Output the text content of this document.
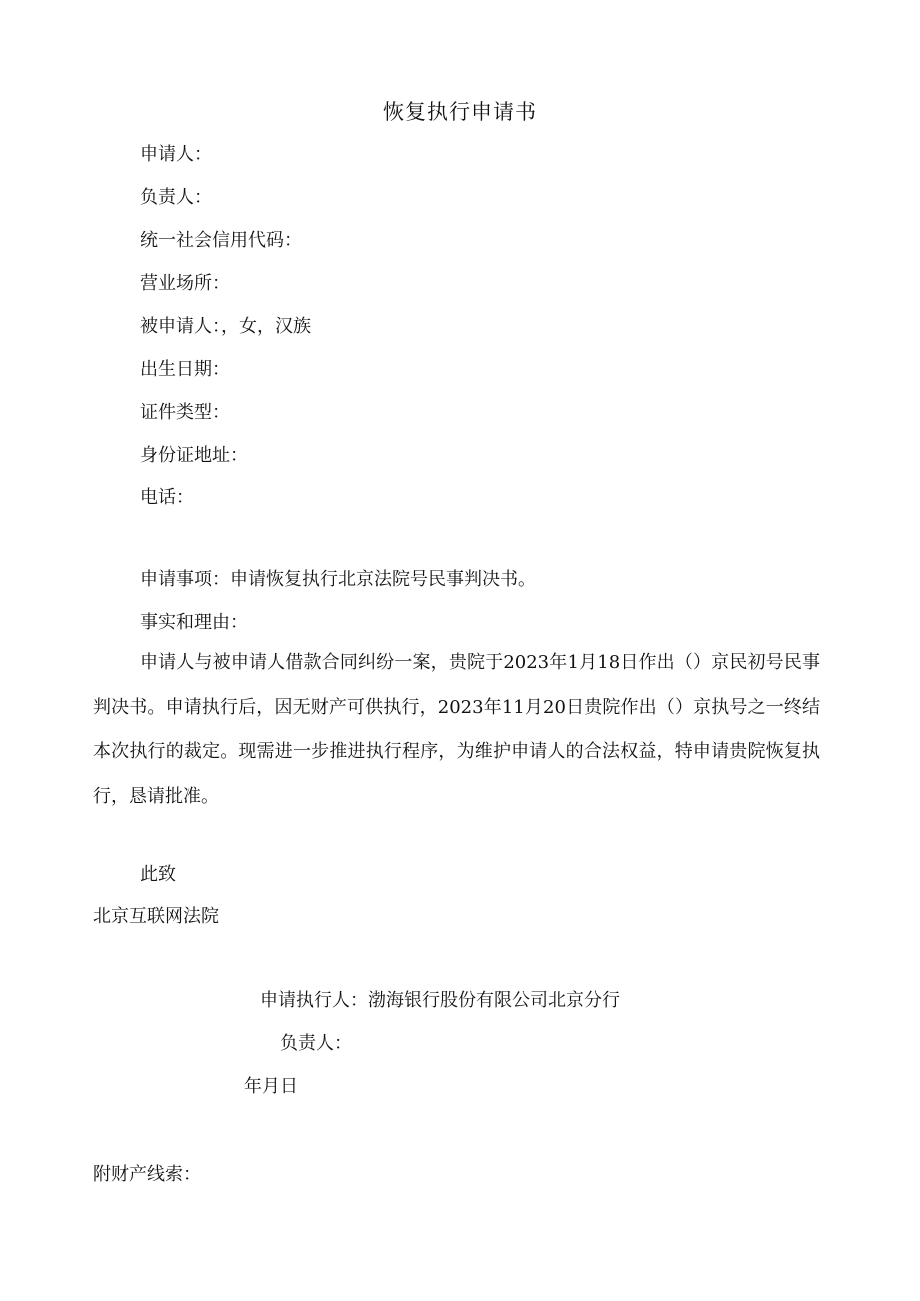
恢复执行申请书
申请人：
负责人：
统一社会信用代码：
营业场所：
被申请人：，女，汉族
出生日期：
证件类型：
身份证地址：
电话：
申请事项：申请恢复执行北京法院号民事判决书。
事实和理由：
申请人与被申请人借款合同纠纷一案，贵院于2023年1月18日作出（）京民初号民事判决书。申请执行后，因无财产可供执行，2023年11月20日贵院作出（）京执号之一终结本次执行的裁定。现需进一步推进执行程序，为维护申请人的合法权益，特申请贵院恢复执行，恳请批准。
此致
北京互联网法院
申请执行人：渤海银行股份有限公司北京分行
负责人：
年月日
附财产线索：
